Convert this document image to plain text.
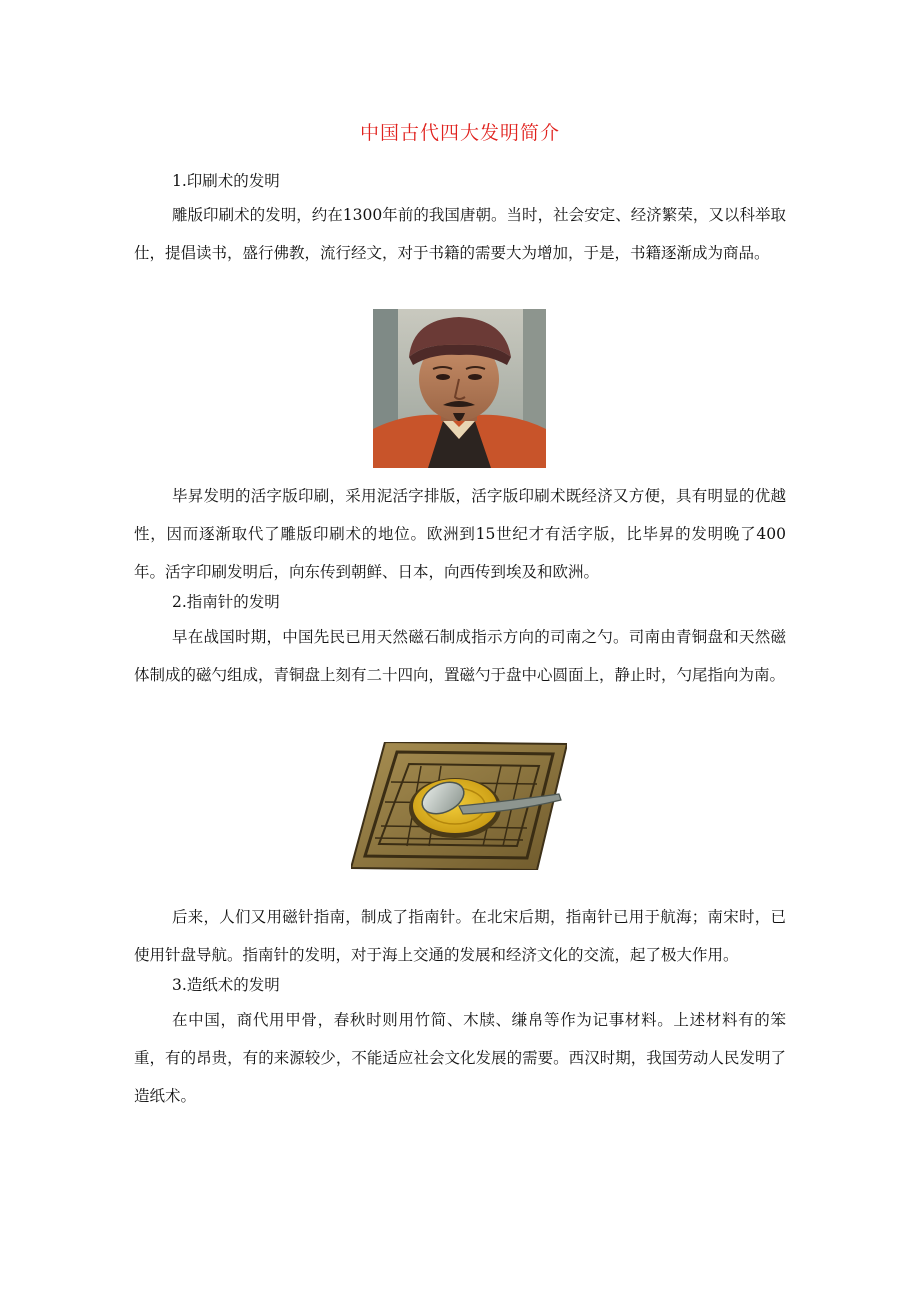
中国古代四大发明简介
1.印刷术的发明
雕版印刷术的发明，约在1300年前的我国唐朝。当时，社会安定、经济繁荣，又以科举取仕，提倡读书，盛行佛教，流行经文，对于书籍的需要大为增加，于是，书籍逐渐成为商品。
毕昇发明的活字版印刷，采用泥活字排版，活字版印刷术既经济又方便，具有明显的优越性，因而逐渐取代了雕版印刷术的地位。欧洲到15世纪才有活字版，比毕昇的发明晚了400年。活字印刷发明后，向东传到朝鲜、日本，向西传到埃及和欧洲。
2.指南针的发明
早在战国时期，中国先民已用天然磁石制成指示方向的司南之勺。司南由青铜盘和天然磁体制成的磁勺组成，青铜盘上刻有二十四向，置磁勺于盘中心圆面上，静止时，勺尾指向为南。
后来，人们又用磁针指南，制成了指南针。在北宋后期，指南针已用于航海；南宋时，已使用针盘导航。指南针的发明，对于海上交通的发展和经济文化的交流，起了极大作用。
3.造纸术的发明
在中国，商代用甲骨，春秋时则用竹简、木牍、缣帛等作为记事材料。上述材料有的笨重，有的昂贵，有的来源较少，不能适应社会文化发展的需要。西汉时期，我国劳动人民发明了造纸术。
